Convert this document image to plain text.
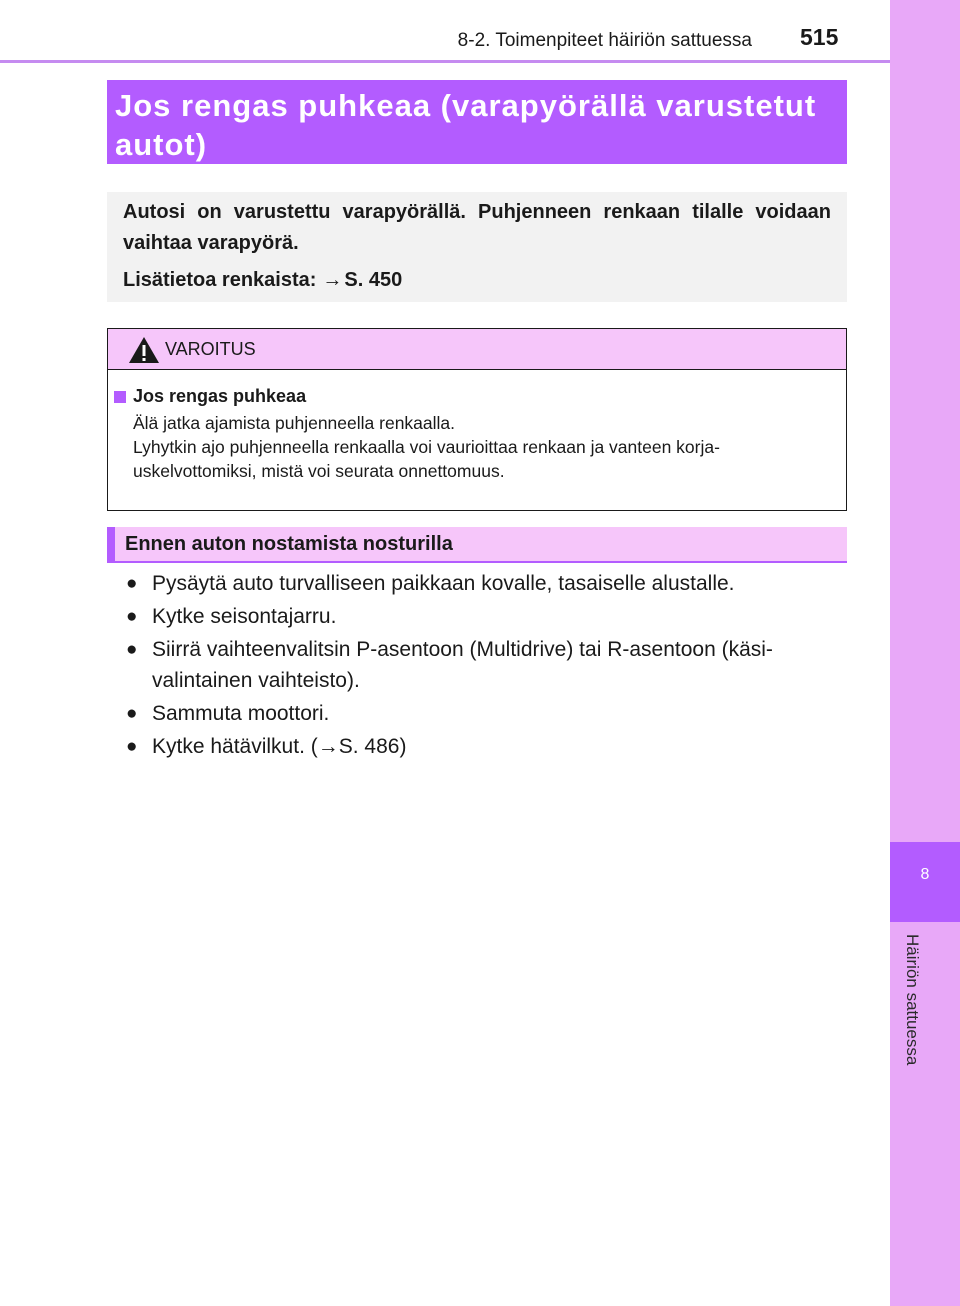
8
Häiriön sattuessa
8-2. Toimenpiteet häiriön sattuessa 515
Jos rengas puhkeaa (varapyörällä varustetut autot)
Autosi on varustettu varapyörällä. Puhjenneen renkaan tilalle voidaan vaihtaa varapyörä.
Lisätietoa renkaista: → S. 450
VAROITUS
Jos rengas puhkeaa
Älä jatka ajamista puhjenneella renkaalla.
Lyhytkin ajo puhjenneella renkaalla voi vaurioittaa renkaan ja vanteen korja-uskelvottomiksi, mistä voi seurata onnettomuus.
Ennen auton nostamista nosturilla
● Pysäytä auto turvalliseen paikkaan kovalle, tasaiselle alustalle.
● Kytke seisontajarru.
● Siirrä vaihteenvalitsin P-asentoon (Multidrive) tai R-asentoon (käsi-valintainen vaihteisto).
● Sammuta moottori.
● Kytke hätävilkut. (→S. 486)
